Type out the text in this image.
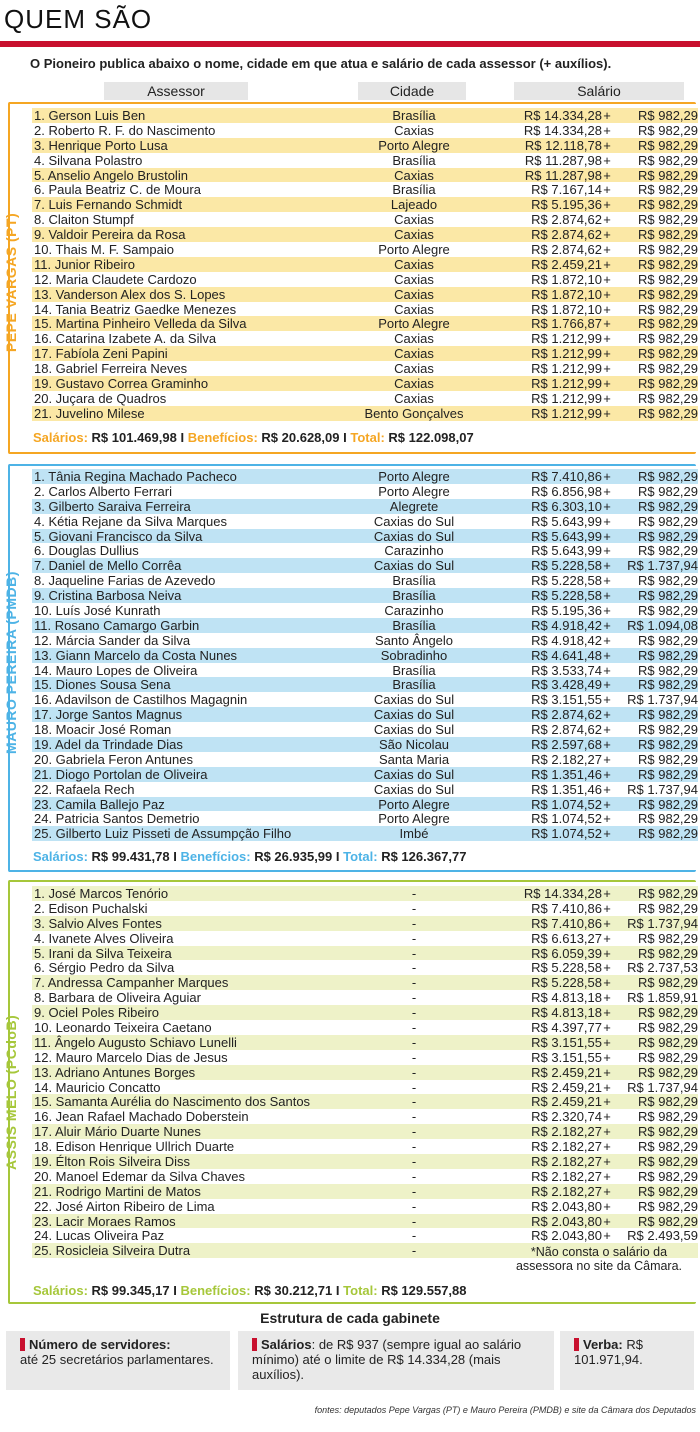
QUEM SÃO
O Pioneiro publica abaixo o nome, cidade em que atua e salário de cada assessor (+ auxílios).
Assessor	Cidade	Salário
PEPE VARGAS (PT)
1. Gerson Luis Ben	Brasília	R$ 14.334,28 +	R$ 982,29
2. Roberto R. F. do Nascimento	Caxias	R$ 14.334,28 +	R$ 982,29
3. Henrique Porto Lusa	Porto Alegre	R$ 12.118,78 +	R$ 982,29
4. Silvana Polastro	Brasília	R$ 11.287,98 +	R$ 982,29
5. Anselio Angelo Brustolin	Caxias	R$ 11.287,98 +	R$ 982,29
6. Paula Beatriz C. de Moura	Brasília	R$ 7.167,14 +	R$ 982,29
7. Luis Fernando Schmidt	Lajeado	R$ 5.195,36 +	R$ 982,29
8. Claiton Stumpf	Caxias	R$ 2.874,62 +	R$ 982,29
9. Valdoir Pereira da Rosa	Caxias	R$ 2.874,62 +	R$ 982,29
10. Thais M. F. Sampaio	Porto Alegre	R$ 2.874,62 +	R$ 982,29
11. Junior Ribeiro	Caxias	R$ 2.459,21 +	R$ 982,29
12. Maria Claudete Cardozo	Caxias	R$ 1.872,10 +	R$ 982,29
13. Vanderson Alex dos S. Lopes	Caxias	R$ 1.872,10 +	R$ 982,29
14. Tania Beatriz Gaedke Menezes	Caxias	R$ 1.872,10 +	R$ 982,29
15. Martina Pinheiro Velleda da Silva	Porto Alegre	R$ 1.766,87 +	R$ 982,29
16. Catarina Izabete A. da Silva	Caxias	R$ 1.212,99 +	R$ 982,29
17. Fabíola Zeni Papini	Caxias	R$ 1.212,99 +	R$ 982,29
18. Gabriel Ferreira Neves	Caxias	R$ 1.212,99 +	R$ 982,29
19. Gustavo Correa Graminho	Caxias	R$ 1.212,99 +	R$ 982,29
20. Juçara de Quadros	Caxias	R$ 1.212,99 +	R$ 982,29
21. Juvelino Milese	Bento Gonçalves	R$ 1.212,99 +	R$ 982,29
Salários: R$ 101.469,98 I Benefícios: R$ 20.628,09 I Total: R$ 122.098,07
MAURO PEREIRA (PMDB)
1. Tânia Regina Machado Pacheco	Porto Alegre	R$ 7.410,86 +	R$ 982,29
2. Carlos Alberto Ferrari	Porto Alegre	R$ 6.856,98 +	R$ 982,29
3. Gilberto Saraiva Ferreira	Alegrete	R$ 6.303,10 +	R$ 982,29
4. Kétia Rejane da Silva Marques	Caxias do Sul	R$ 5.643,99 +	R$ 982,29
5. Giovani Francisco da Silva	Caxias do Sul	R$ 5.643,99 +	R$ 982,29
6. Douglas Dullius	Carazinho	R$ 5.643,99 +	R$ 982,29
7. Daniel de Mello Corrêa	Caxias do Sul	R$ 5.228,58 +	R$ 1.737,94
8. Jaqueline Farias de Azevedo	Brasília	R$ 5.228,58 +	R$ 982,29
9. Cristina Barbosa Neiva	Brasília	R$ 5.228,58 +	R$ 982,29
10. Luís José Kunrath	Carazinho	R$ 5.195,36 +	R$ 982,29
11. Rosano Camargo Garbin	Brasília	R$ 4.918,42 +	R$ 1.094,08
12. Márcia Sander da Silva	Santo Ângelo	R$ 4.918,42 +	R$ 982,29
13. Giann Marcelo da Costa Nunes	Sobradinho	R$ 4.641,48 +	R$ 982,29
14. Mauro Lopes de Oliveira	Brasília	R$ 3.533,74 +	R$ 982,29
15. Diones Sousa Sena	Brasília	R$ 3.428,49 +	R$ 982,29
16. Adavilson de Castilhos Magagnin	Caxias do Sul	R$ 3.151,55 +	R$ 1.737,94
17. Jorge Santos Magnus	Caxias do Sul	R$ 2.874,62 +	R$ 982,29
18. Moacir José Roman	Caxias do Sul	R$ 2.874,62 +	R$ 982,29
19. Adel da Trindade Dias	São Nicolau	R$ 2.597,68 +	R$ 982,29
20. Gabriela Feron Antunes	Santa Maria	R$ 2.182,27 +	R$ 982,29
21. Diogo Portolan de Oliveira	Caxias do Sul	R$ 1.351,46 +	R$ 982,29
22. Rafaela Rech	Caxias do Sul	R$ 1.351,46 +	R$ 1.737,94
23. Camila Ballejo Paz	Porto Alegre	R$ 1.074,52 +	R$ 982,29
24. Patricia Santos Demetrio	Porto Alegre	R$ 1.074,52 +	R$ 982,29
25. Gilberto Luiz Pisseti de Assumpção Filho	Imbé	R$ 1.074,52 +	R$ 982,29
Salários: R$ 99.431,78 I Benefícios: R$ 26.935,99 I Total: R$ 126.367,77
ASSIS MELO (PCdoB)
1. José Marcos Tenório	-	R$ 14.334,28 +	R$ 982,29
2. Edison Puchalski	-	R$ 7.410,86 +	R$ 982,29
3. Salvio Alves Fontes	-	R$ 7.410,86 +	R$ 1.737,94
4. Ivanete Alves Oliveira	-	R$ 6.613,27 +	R$ 982,29
5. Irani da Silva Teixeira	-	R$ 6.059,39 +	R$ 982,29
6. Sérgio Pedro da Silva	-	R$ 5.228,58 +	R$ 2.737,53
7. Andressa Campanher Marques	-	R$ 5.228,58 +	R$ 982,29
8. Barbara de Oliveira Aguiar	-	R$ 4.813,18 +	R$ 1.859,91
9. Ociel Poles Ribeiro	-	R$ 4.813,18 +	R$ 982,29
10. Leonardo Teixeira Caetano	-	R$ 4.397,77 +	R$ 982,29
11. Ângelo Augusto Schiavo Lunelli	-	R$ 3.151,55 +	R$ 982,29
12. Mauro Marcelo Dias de Jesus	-	R$ 3.151,55 +	R$ 982,29
13. Adriano Antunes Borges	-	R$ 2.459,21 +	R$ 982,29
14. Mauricio Concatto	-	R$ 2.459,21 +	R$ 1.737,94
15. Samanta Aurélia do Nascimento dos Santos	-	R$ 2.459,21 +	R$ 982,29
16. Jean Rafael Machado Doberstein	-	R$ 2.320,74 +	R$ 982,29
17. Aluir Mário Duarte Nunes	-	R$ 2.182,27 +	R$ 982,29
18. Edison Henrique Ullrich Duarte	-	R$ 2.182,27 +	R$ 982,29
19. Élton Rois Silveira Diss	-	R$ 2.182,27 +	R$ 982,29
20. Manoel Edemar da Silva Chaves	-	R$ 2.182,27 +	R$ 982,29
21. Rodrigo Martini de Matos	-	R$ 2.182,27 +	R$ 982,29
22. José Airton Ribeiro de Lima	-	R$ 2.043,80 +	R$ 982,29
23. Lacir Moraes Ramos	-	R$ 2.043,80 +	R$ 982,29
24. Lucas Oliveira Paz	-	R$ 2.043,80 +	R$ 2.493,59
25. Rosicleia Silveira Dutra	-	*Não consta o salário da assessora no site da Câmara.
Salários: R$ 99.345,17 I Benefícios: R$ 30.212,71 I Total: R$ 129.557,88
Estrutura de cada gabinete
Número de servidores:
até 25 secretários parlamentares.
Salários: de R$ 937 (sempre igual ao salário mínimo) até o limite de R$ 14.334,28 (mais auxílios).
Verba: R$ 101.971,94.
fontes: deputados Pepe Vargas (PT) e Mauro Pereira (PMDB) e site da Câmara dos Deputados
